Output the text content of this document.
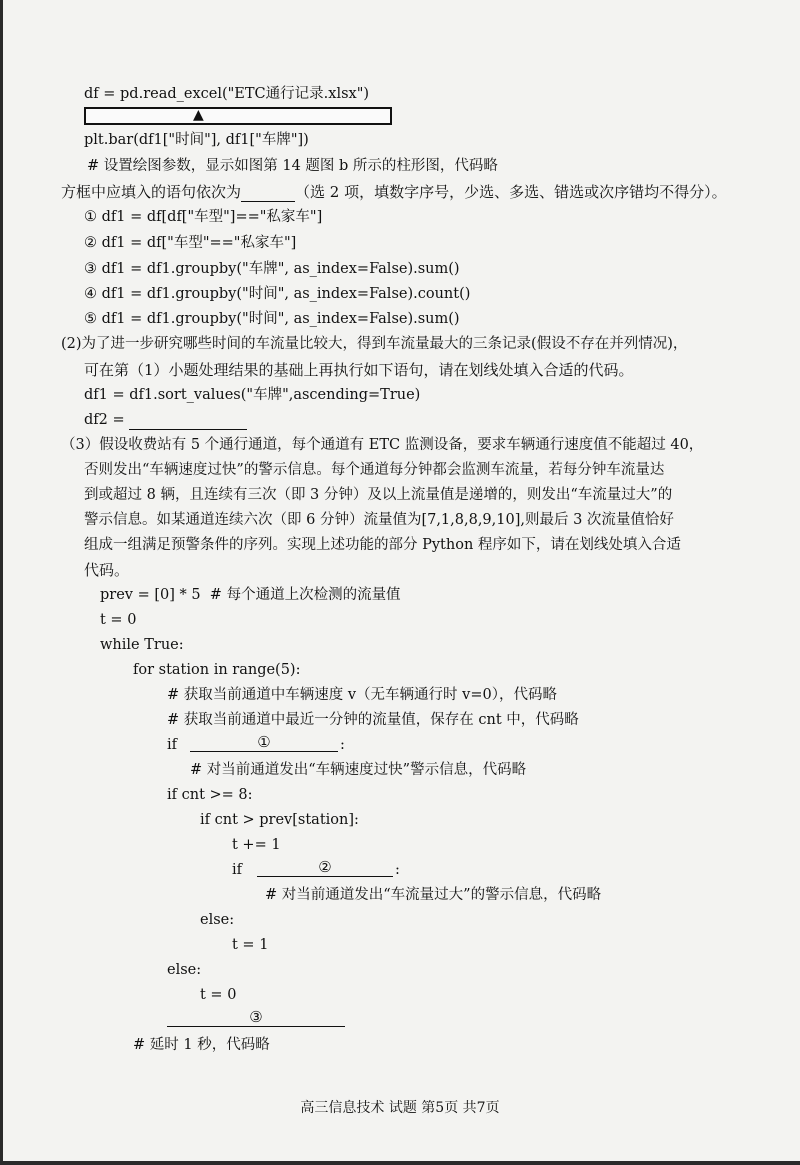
df = pd.read_excel("ETC通行记录.xlsx")
▲
plt.bar(df1["时间"], df1["车牌"])
# 设置绘图参数，显示如图第 14 题图 b 所示的柱形图，代码略
方框中应填入的语句依次为	（选 2 项，填数字序号，少选、多选、错选或次序错均不得分）。
① df1 = df[df["车型"]=="私家车"]
② df1 = df["车型"=="私家车"]
③ df1 = df1.groupby("车牌", as_index=False).sum()
④ df1 = df1.groupby("时间", as_index=False).count()
⑤ df1 = df1.groupby("时间", as_index=False).sum()
(2)为了进一步研究哪些时间的车流量比较大，得到车流量最大的三条记录(假设不存在并列情况)，
可在第（1）小题处理结果的基础上再执行如下语句，请在划线处填入合适的代码。
df1 = df1.sort_values("车牌",ascending=True)
df2 =
（3）假设收费站有 5 个通行通道，每个通道有 ETC 监测设备，要求车辆通行速度值不能超过 40，
否则发出“车辆速度过快”的警示信息。每个通道每分钟都会监测车流量，若每分钟车流量达
到或超过 8 辆，且连续有三次（即 3 分钟）及以上流量值是递增的，则发出“车流量过大”的
警示信息。如某通道连续六次（即 6 分钟）流量值为[7,1,8,8,9,10],则最后 3 次流量值恰好
组成一组满足预警条件的序列。实现上述功能的部分 Python 程序如下，请在划线处填入合适
代码。
prev = [0] * 5  # 每个通道上次检测的流量值
t = 0
while True:
for station in range(5):
# 获取当前通道中车辆速度 v（无车辆通行时 v=0），代码略
# 获取当前通道中最近一分钟的流量值，保存在 cnt 中，代码略
if	①	:
# 对当前通道发出“车辆速度过快”警示信息，代码略
if cnt >= 8:
if cnt > prev[station]:
t += 1
if	②	:
# 对当前通道发出“车流量过大”的警示信息，代码略
else:
t = 1
else:
t = 0
③
# 延时 1 秒，代码略
高三信息技术 试题 第5页 共7页
